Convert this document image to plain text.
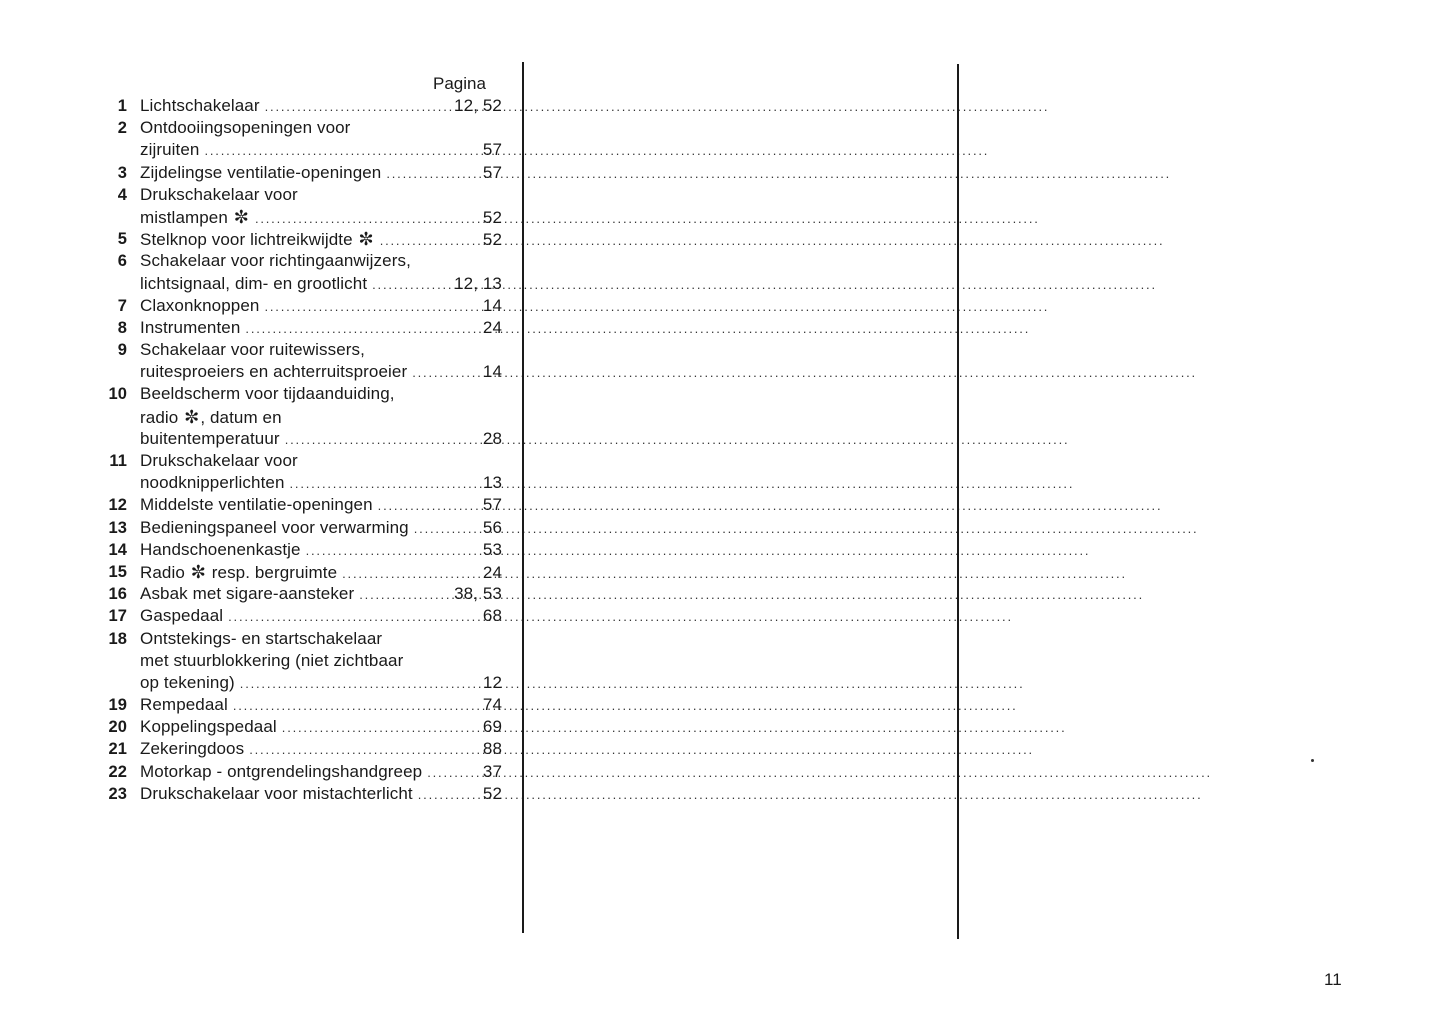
Pagina
1 Lichtschakelaar .....	12, 52
2 Ontdooiingsopeningen voor
zijruiten .....	57
3 Zijdelingse ventilatie-openingen .....	57
4 Drukschakelaar voor
mistlampen ✼ .....	52
5 Stelknop voor lichtreikwijdte ✼ .....	52
6 Schakelaar voor richtingaanwijzers,
lichtsignaal, dim- en grootlicht .....	12, 13
7 Claxonknoppen .....	14
8 Instrumenten .....	24
9 Schakelaar voor ruitewissers,
ruitesproeiers en achterruitsproeier .....	14
10 Beeldscherm voor tijdaanduiding,
radio ✼, datum en
buitentemperatuur .....	28
11 Drukschakelaar voor
noodknipperlichten .....	13
12 Middelste ventilatie-openingen .....	57
13 Bedieningspaneel voor verwarming .....	56
14 Handschoenenkastje .....	53
15 Radio ✼ resp. bergruimte .....	24
16 Asbak met sigare-aansteker .....	38, 53
17 Gaspedaal .....	68
18 Ontstekings- en startschakelaar
met stuurblokkering (niet zichtbaar
op tekening) .....	12
19 Rempedaal .....	74
20 Koppelingspedaal .....	69
21 Zekeringdoos .....	88
22 Motorkap - ontgrendelingshandgreep .....	37
23 Drukschakelaar voor mistachterlicht .....	52
11
